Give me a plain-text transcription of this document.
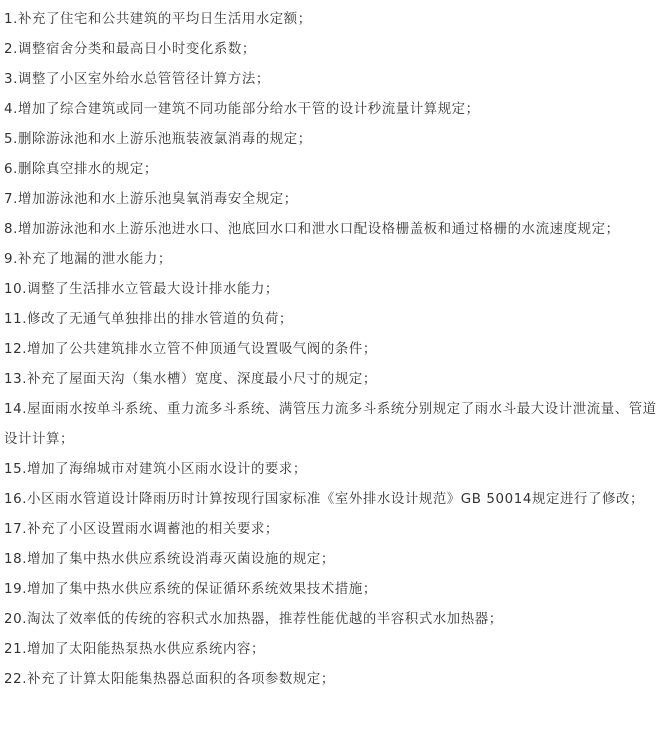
1.补充了住宅和公共建筑的平均日生活用水定额；

2.调整宿舍分类和最高日小时变化系数；

3.调整了小区室外给水总管管径计算方法；

4.增加了综合建筑或同一建筑不同功能部分给水干管的设计秒流量计算规定；

5.删除游泳池和水上游乐池瓶装液氯消毒的规定；

6.删除真空排水的规定；

7.增加游泳池和水上游乐池臭氧消毒安全规定；

8.增加游泳池和水上游乐池进水口、池底回水口和泄水口配设格栅盖板和通过格栅的水流速度规定；

9.补充了地漏的泄水能力；

10.调整了生活排水立管最大设计排水能力；

11.修改了无通气单独排出的排水管道的负荷；

12.增加了公共建筑排水立管不伸顶通气设置吸气阀的条件；

13.补充了屋面天沟（集水槽）宽度、深度最小尺寸的规定；

14.屋面雨水按单斗系统、重力流多斗系统、满管压力流多斗系统分别规定了雨水斗最大设计泄流量、管道设计计算；

15.增加了海绵城市对建筑小区雨水设计的要求；

16.小区雨水管道设计降雨历时计算按现行国家标准《室外排水设计规范》GB 50014规定进行了修改；

17.补充了小区设置雨水调蓄池的相关要求；

18.增加了集中热水供应系统设消毒灭菌设施的规定；

19.增加了集中热水供应系统的保证循环系统效果技术措施；

20.淘汰了效率低的传统的容积式水加热器，推荐性能优越的半容积式水加热器；

21.增加了太阳能热泵热水供应系统内容；

22.补充了计算太阳能集热器总面积的各项参数规定；
